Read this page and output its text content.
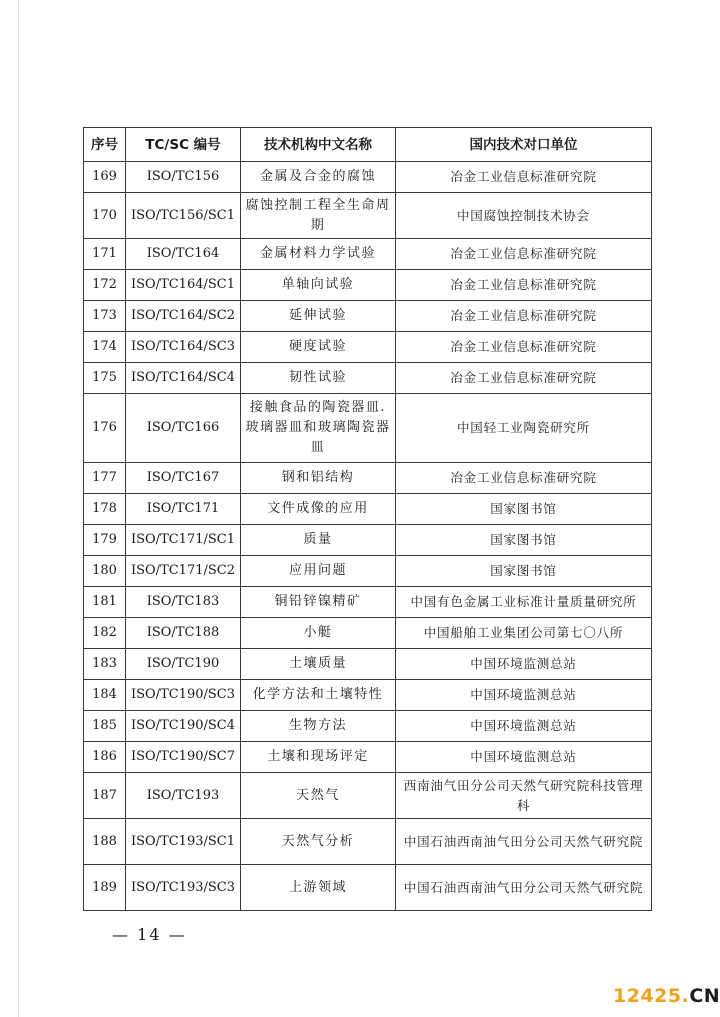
序号	TC/SC 编号	技术机构中文名称	国内技术对口单位
169	ISO/TC156	金属及合金的腐蚀	冶金工业信息标准研究院
170	ISO/TC156/SC1	腐蚀控制工程全生命周期	中国腐蚀控制技术协会
171	ISO/TC164	金属材料力学试验	冶金工业信息标准研究院
172	ISO/TC164/SC1	单轴向试验	冶金工业信息标准研究院
173	ISO/TC164/SC2	延伸试验	冶金工业信息标准研究院
174	ISO/TC164/SC3	硬度试验	冶金工业信息标准研究院
175	ISO/TC164/SC4	韧性试验	冶金工业信息标准研究院
176	ISO/TC166	接触食品的陶瓷器皿.玻璃器皿和玻璃陶瓷器皿	中国轻工业陶瓷研究所
177	ISO/TC167	钢和铝结构	冶金工业信息标准研究院
178	ISO/TC171	文件成像的应用	国家图书馆
179	ISO/TC171/SC1	质量	国家图书馆
180	ISO/TC171/SC2	应用问题	国家图书馆
181	ISO/TC183	铜铅锌镍精矿	中国有色金属工业标准计量质量研究所
182	ISO/TC188	小艇	中国船舶工业集团公司第七〇八所
183	ISO/TC190	土壤质量	中国环境监测总站
184	ISO/TC190/SC3	化学方法和土壤特性	中国环境监测总站
185	ISO/TC190/SC4	生物方法	中国环境监测总站
186	ISO/TC190/SC7	土壤和现场评定	中国环境监测总站
187	ISO/TC193	天然气	西南油气田分公司天然气研究院科技管理科
188	ISO/TC193/SC1	天然气分析	中国石油西南油气田分公司天然气研究院
189	ISO/TC193/SC3	上游领域	中国石油西南油气田分公司天然气研究院
— 14 —
12425.CN
